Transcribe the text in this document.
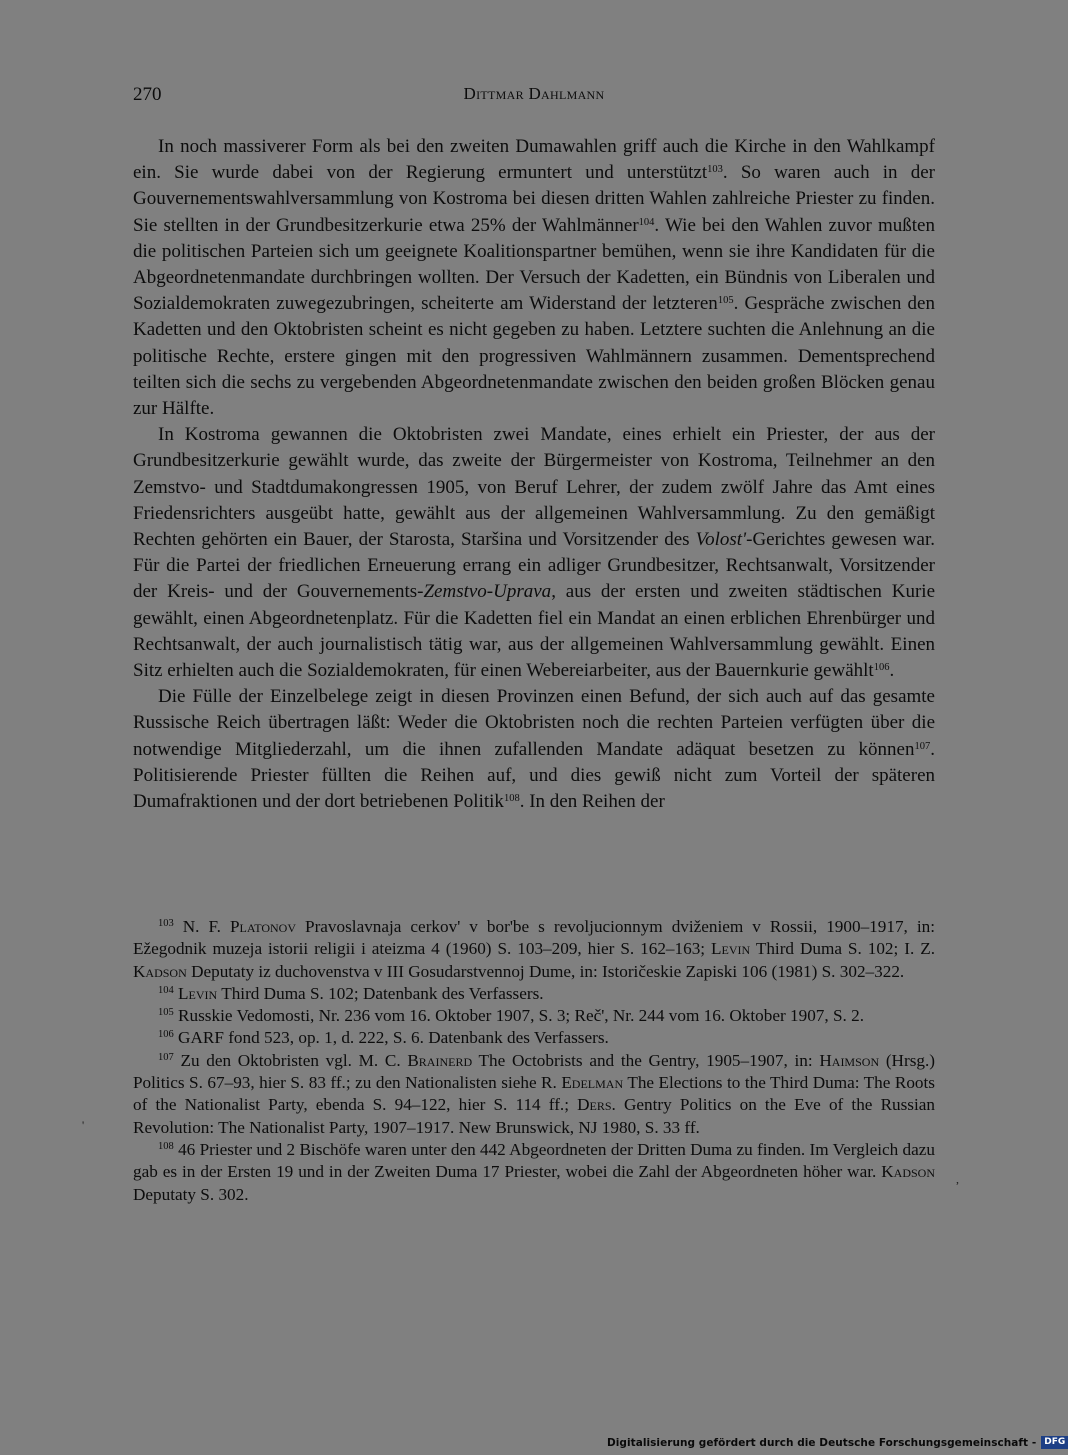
270	Dittmar Dahlmann

In noch massiverer Form als bei den zweiten Dumawahlen griff auch die Kirche in den Wahlkampf ein. Sie wurde dabei von der Regierung ermuntert und unterstützt$^{103}$. So waren auch in der Gouvernementswahlversammlung von Kostroma bei diesen dritten Wahlen zahlreiche Priester zu finden. Sie stellten in der Grundbesitzerkurie etwa 25% der Wahlmänner$^{104}$. Wie bei den Wahlen zuvor mußten die politischen Parteien sich um geeignete Koalitionspartner bemühen, wenn sie ihre Kandidaten für die Abgeordnetenmandate durchbringen wollten. Der Versuch der Kadetten, ein Bündnis von Liberalen und Sozialdemokraten zuwegezubringen, scheiterte am Widerstand der letzteren$^{105}$. Gespräche zwischen den Kadetten und den Oktobristen scheint es nicht gegeben zu haben. Letztere suchten die Anlehnung an die politische Rechte, erstere gingen mit den progressiven Wahlmännern zusammen. Dementsprechend teilten sich die sechs zu vergebenden Abgeordnetenmandate zwischen den beiden großen Blöcken genau zur Hälfte.

In Kostroma gewannen die Oktobristen zwei Mandate, eines erhielt ein Priester, der aus der Grundbesitzerkurie gewählt wurde, das zweite der Bürgermeister von Kostroma, Teilnehmer an den Zemstvo- und Stadtdumakongressen 1905, von Beruf Lehrer, der zudem zwölf Jahre das Amt eines Friedensrichters ausgeübt hatte, gewählt aus der allgemeinen Wahlversammlung. Zu den gemäßigt Rechten gehörten ein Bauer, der Starosta, Staršina und Vorsitzender des Volost'-Gerichtes gewesen war. Für die Partei der friedlichen Erneuerung errang ein adliger Grundbesitzer, Rechtsanwalt, Vorsitzender der Kreis- und der Gouvernements-Zemstvo-Uprava, aus der ersten und zweiten städtischen Kurie gewählt, einen Abgeordnetenplatz. Für die Kadetten fiel ein Mandat an einen erblichen Ehrenbürger und Rechtsanwalt, der auch journalistisch tätig war, aus der allgemeinen Wahlversammlung gewählt. Einen Sitz erhielten auch die Sozialdemokraten, für einen Webereiarbeiter, aus der Bauernkurie gewählt$^{106}$.

Die Fülle der Einzelbelege zeigt in diesen Provinzen einen Befund, der sich auch auf das gesamte Russische Reich übertragen läßt: Weder die Oktobristen noch die rechten Parteien verfügten über die notwendige Mitgliederzahl, um die ihnen zufallenden Mandate adäquat besetzen zu können$^{107}$. Politisierende Priester füllten die Reihen auf, und dies gewiß nicht zum Vorteil der späteren Dumafraktionen und der dort betriebenen Politik$^{108}$. In den Reihen der

$^{103}$ N. F. Platonov Pravoslavnaja cerkov' v bor'be s revoljucionnym dviženiem v Rossii, 1900–1917, in: Ežegodnik muzeja istorii religii i ateizma 4 (1960) S. 103–209, hier S. 162–163; Levin Third Duma S. 102; I. Z. Kadson Deputaty iz duchovenstva v III Gosudarstvennoj Dume, in: Istoričeskie Zapiski 106 (1981) S. 302–322.

$^{104}$ Levin Third Duma S. 102; Datenbank des Verfassers.

$^{105}$ Russkie Vedomosti, Nr. 236 vom 16. Oktober 1907, S. 3; Reč', Nr. 244 vom 16. Oktober 1907, S. 2.

$^{106}$ GARF fond 523, op. 1, d. 222, S. 6. Datenbank des Verfassers.

$^{107}$ Zu den Oktobristen vgl. M. C. Brainerd The Octobrists and the Gentry, 1905–1907, in: Haimson (Hrsg.) Politics S. 67–93, hier S. 83 ff.; zu den Nationalisten siehe R. Edelman The Elections to the Third Duma: The Roots of the Nationalist Party, ebenda S. 94–122, hier S. 114 ff.; Ders. Gentry Politics on the Eve of the Russian Revolution: The Nationalist Party, 1907–1917. New Brunswick, NJ 1980, S. 33 ff.

$^{108}$ 46 Priester und 2 Bischöfe waren unter den 442 Abgeordneten der Dritten Duma zu finden. Im Vergleich dazu gab es in der Ersten 19 und in der Zweiten Duma 17 Priester, wobei die Zahl der Abgeordneten höher war. Kadson Deputaty S. 302.

'
,
Digitalisierung gefördert durch die Deutsche Forschungsgemeinschaft - DFG
